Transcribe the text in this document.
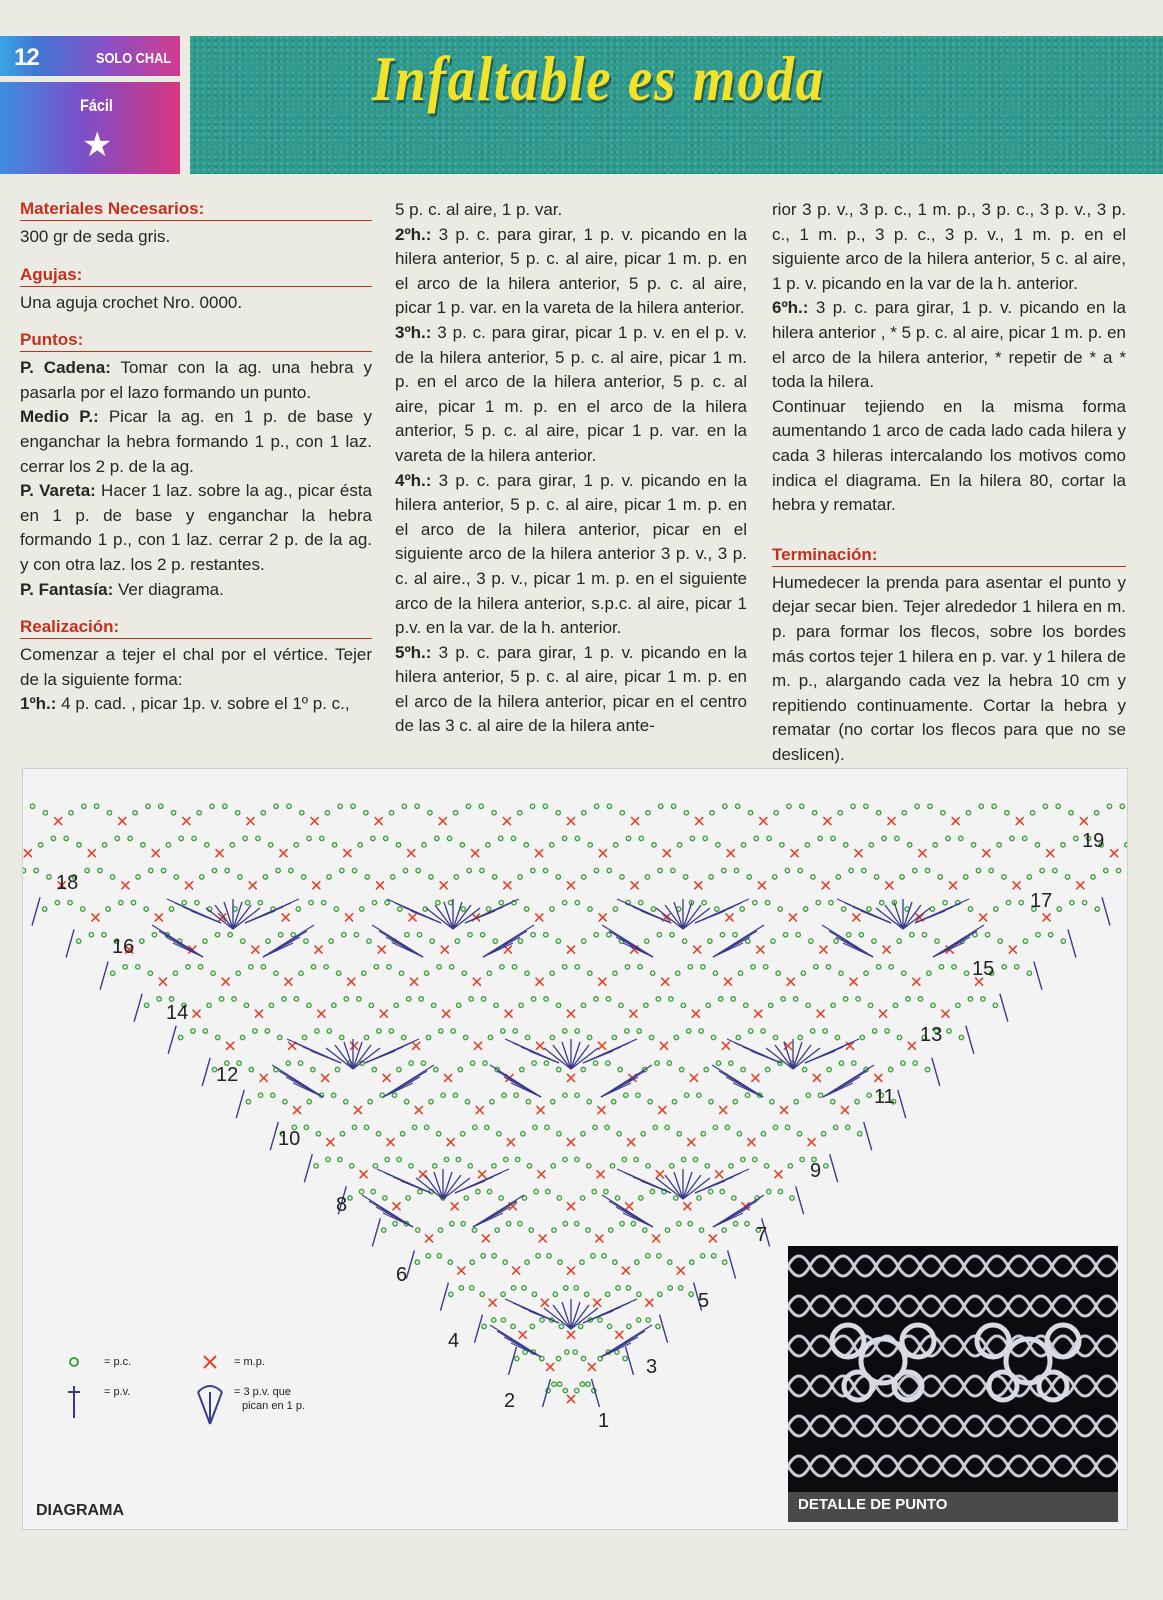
12	SOLO CHAL
Fácil
★
Infaltable es moda
Materiales Necesarios:

300 gr de seda gris.

Agujas:

Una aguja crochet Nro. 0000.

Puntos:

P. Cadena: Tomar con la ag. una hebra y pasarla por el lazo formando un punto.

Medio P.: Picar la ag. en 1 p. de base y enganchar la hebra formando 1 p., con 1 laz. cerrar los 2 p. de la ag.

P. Vareta: Hacer 1 laz. sobre la ag., picar ésta en 1 p. de base y enganchar la hebra formando 1 p., con 1 laz. cerrar 2 p. de la ag. y con otra laz. los 2 p. restantes.

P. Fantasía: Ver diagrama.

Realización:

Comenzar a tejer el chal por el vértice. Tejer de la siguiente forma:

1ºh.: 4 p. cad. , picar 1p. v. sobre el 1º p. c.,

5 p. c. al aire, 1 p. var.

2ºh.: 3 p. c. para girar, 1 p. v. picando en la hilera anterior, 5 p. c. al aire, picar 1 m. p. en el arco de la hilera anterior, 5 p. c. al aire, picar 1 p. var. en la vareta de la hilera anterior.

3ºh.: 3 p. c. para girar, picar 1 p. v. en el p. v. de la hilera anterior, 5 p. c. al aire, picar 1 m. p. en el arco de la hilera anterior, 5 p. c. al aire, picar 1 m. p. en el arco de la hilera anterior, 5 p. c. al aire, picar 1 p. var. en la vareta de la hilera anterior.

4ºh.: 3 p. c. para girar, 1 p. v. picando en la hilera anterior, 5 p. c. al aire, picar 1 m. p. en el arco de la hilera anterior, picar en el siguiente arco de la hilera anterior 3 p. v., 3 p. c. al aire., 3 p. v., picar 1 m. p. en el siguiente arco de la hilera anterior, s.p.c. al aire, picar 1 p.v. en la var. de la h. anterior.

5ºh.: 3 p. c. para girar, 1 p. v. picando en la hilera anterior, 5 p. c. al aire, picar 1 m. p. en el arco de la hilera anterior, picar en el centro de las 3 c. al aire de la hilera ante-

rior 3 p. v., 3 p. c., 1 m. p., 3 p. c., 3 p. v., 3 p. c., 1 m. p., 3 p. c., 3 p. v., 1 m. p. en el siguiente arco de la hilera anterior, 5 c. al aire, 1 p. v. picando en la var de la h. anterior.

6ºh.: 3 p. c. para girar, 1 p. v. picando en la hilera anterior , * 5 p. c. al aire, picar 1 m. p. en el arco de la hilera anterior, * repetir de * a * toda la hilera.

Continuar tejiendo en la misma forma aumentando 1 arco de cada lado cada hilera y cada 3 hileras intercalando los motivos como indica el diagrama. En la hilera 80, cortar la hebra y rematar.

Terminación:

Humedecer la prenda para asentar el punto y dejar secar bien. Tejer alrededor 1 hilera en m. p. para formar los flecos, sobre los bordes más cortos tejer 1 hilera en p. var. y 1 hilera de m. p., alargando cada vez la hebra 10 cm y repitiendo continuamente. Cortar la hebra y rematar (no cortar los flecos para que no se deslicen).

1
2
3
4
5
6
7
8
9
10
11
12
13
14
15
16
17
18
19
= p.c.	= m.p.
= p.v.	= 3 p.v. que
pican en 1 p.
DIAGRAMA	DETALLE DE PUNTO
